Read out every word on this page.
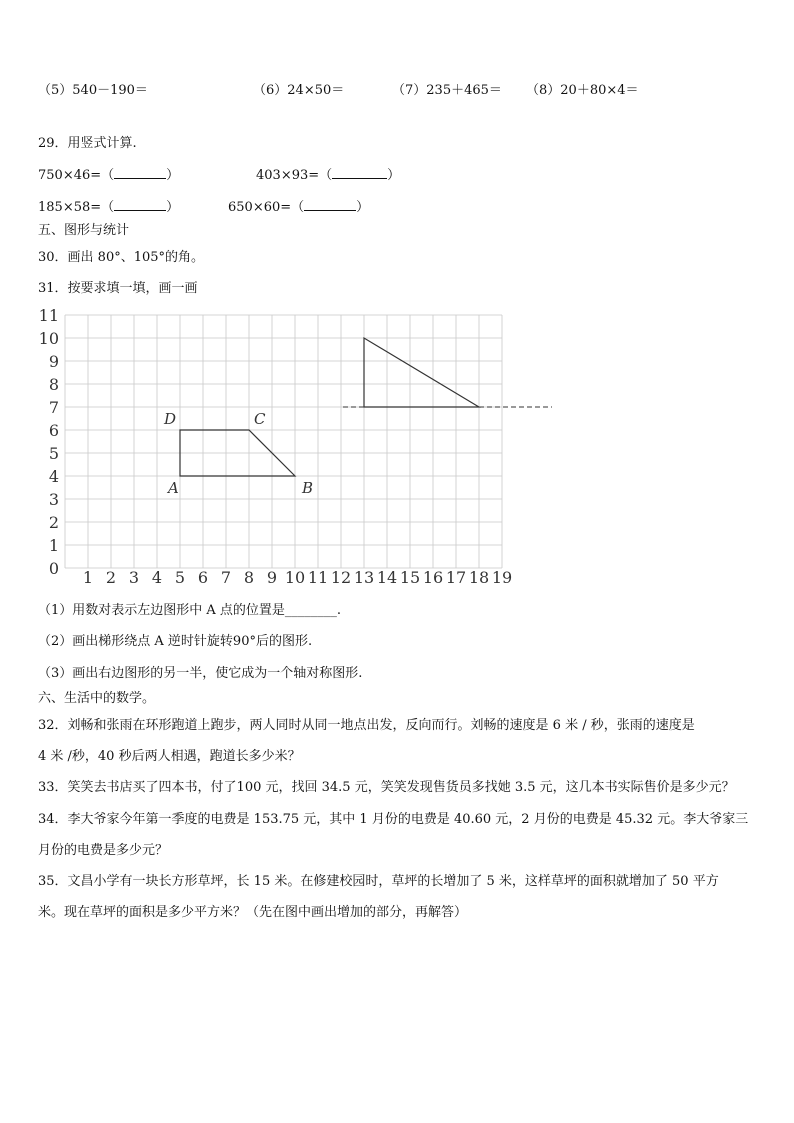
（5）540－190＝	（6）24×50＝	（7）235＋465＝ （8）20＋80×4＝
29．用竖式计算.
750×46=（	）	403×93=（	）
185×58=（	）	650×60=（	）
五、图形与统计
30．画出 80°、105°的角。
31．按要求填一填，画一画
0
1
2
3
4
5
6
7
8
9
10
11
1 2 3 4 5 6 7 8 9 10 11 12 13 14 15 16 17 18 19
A	B
C
D
（1）用数对表示左边图形中 A 点的位置是________.
（2）画出梯形绕点 A 逆时针旋转90°后的图形.
（3）画出右边图形的另一半，使它成为一个轴对称图形.
六、生活中的数学。
32．刘畅和张雨在环形跑道上跑步，两人同时从同一地点出发，反向而行。刘畅的速度是 6 米 / 秒，张雨的速度是
4 米 /秒，40 秒后两人相遇，跑道长多少米？
33．笑笑去书店买了四本书，付了100 元，找回 34.5 元，笑笑发现售货员多找她 3.5 元，这几本书实际售价是多少元？
34．李大爷家今年第一季度的电费是 153.75 元，其中 1 月份的电费是 40.60 元，2 月份的电费是 45.32 元。李大爷家三
月份的电费是多少元？
35．文昌小学有一块长方形草坪，长 15 米。在修建校园时，草坪的长增加了 5 米，这样草坪的面积就增加了 50 平方
米。现在草坪的面积是多少平方米？（先在图中画出增加的部分，再解答）
